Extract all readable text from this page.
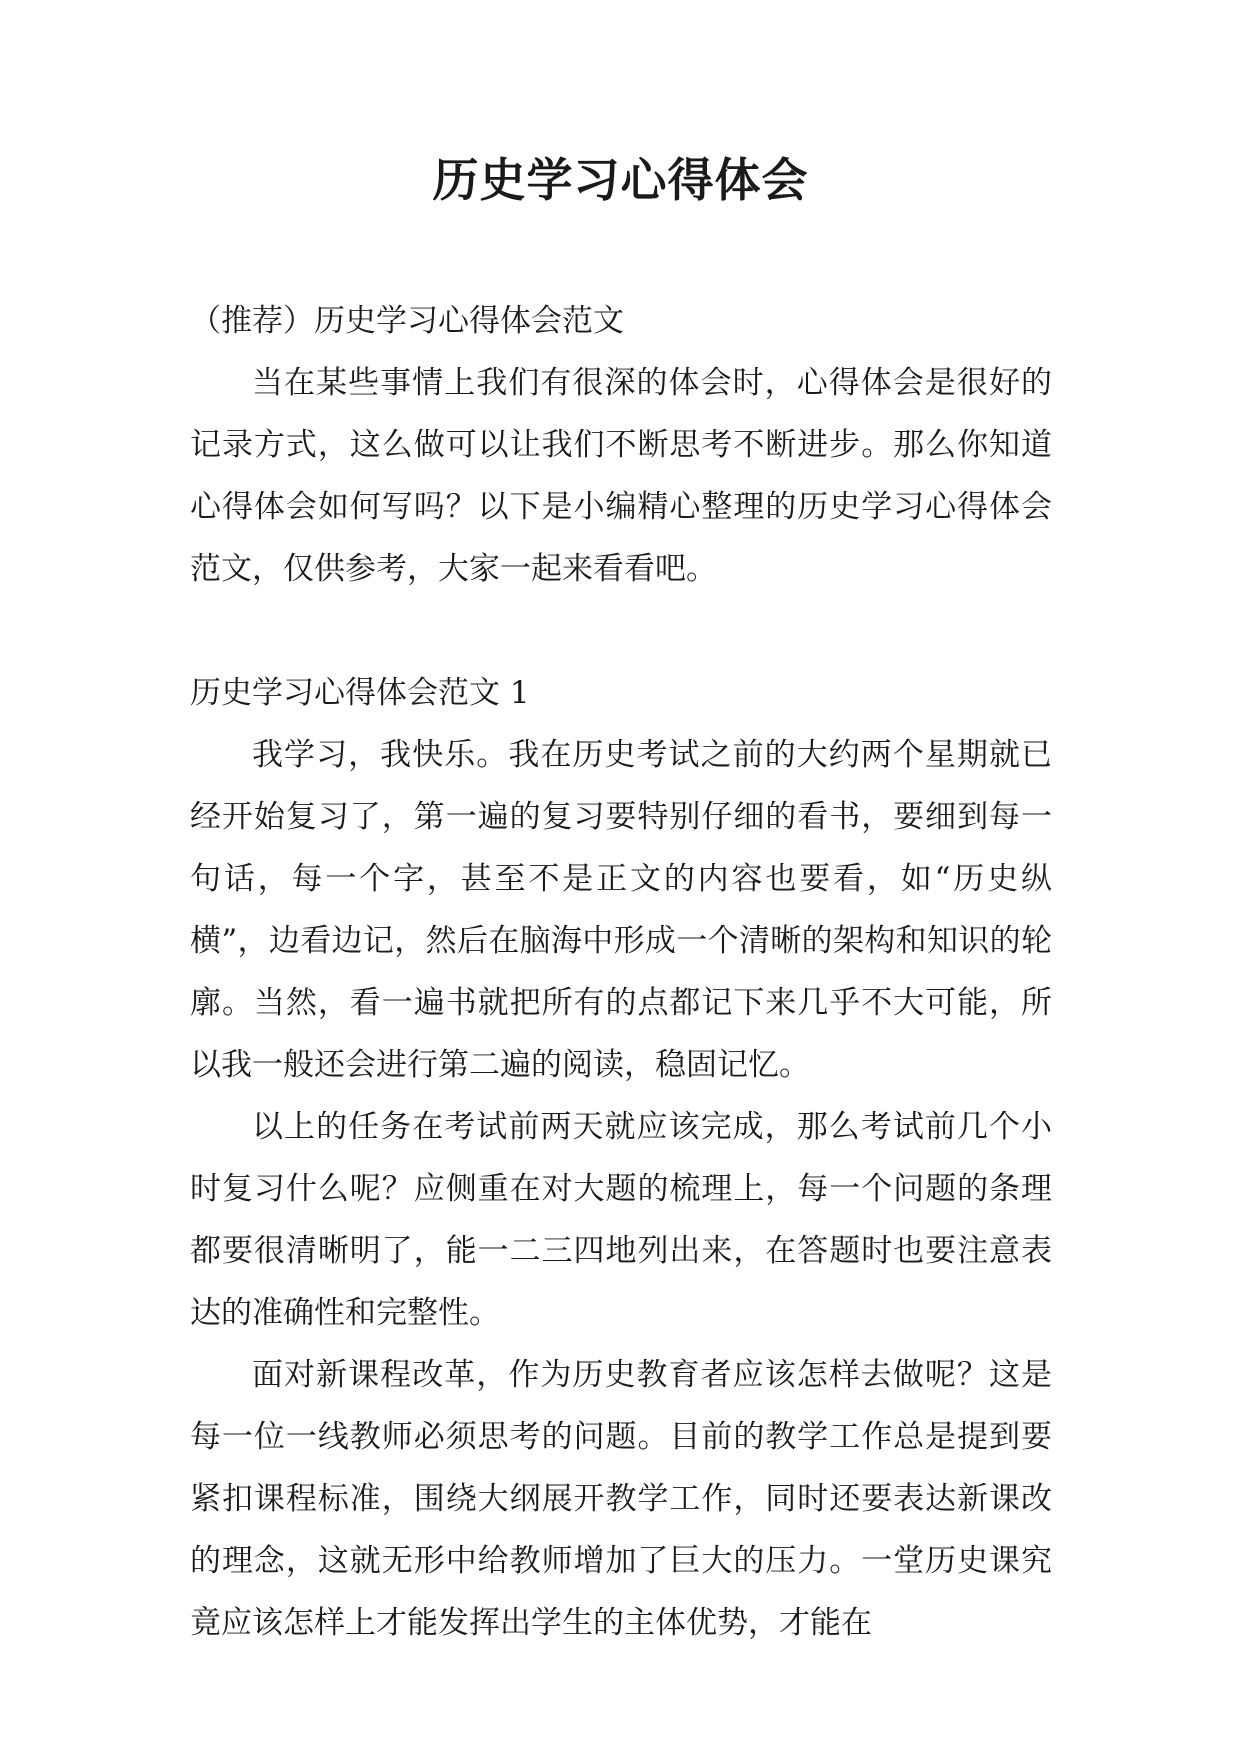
历史学习心得体会

（推荐）历史学习心得体会范文

当在某些事情上我们有很深的体会时，心得体会是很好的记录方式，这么做可以让我们不断思考不断进步。那么你知道心得体会如何写吗？以下是小编精心整理的历史学习心得体会范文，仅供参考，大家一起来看看吧。

历史学习心得体会范文 1

我学习，我快乐。我在历史考试之前的大约两个星期就已经开始复习了，第一遍的复习要特别仔细的看书，要细到每一句话，每一个字，甚至不是正文的内容也要看，如“历史纵横”，边看边记，然后在脑海中形成一个清晰的架构和知识的轮廓。当然，看一遍书就把所有的点都记下来几乎不大可能，所以我一般还会进行第二遍的阅读，稳固记忆。

以上的任务在考试前两天就应该完成，那么考试前几个小时复习什么呢？应侧重在对大题的梳理上，每一个问题的条理都要很清晰明了，能一二三四地列出来，在答题时也要注意表达的准确性和完整性。

面对新课程改革，作为历史教育者应该怎样去做呢？这是每一位一线教师必须思考的问题。目前的教学工作总是提到要紧扣课程标准，围绕大纲展开教学工作，同时还要表达新课改的理念，这就无形中给教师增加了巨大的压力。一堂历史课究竟应该怎样上才能发挥出学生的主体优势，才能在
